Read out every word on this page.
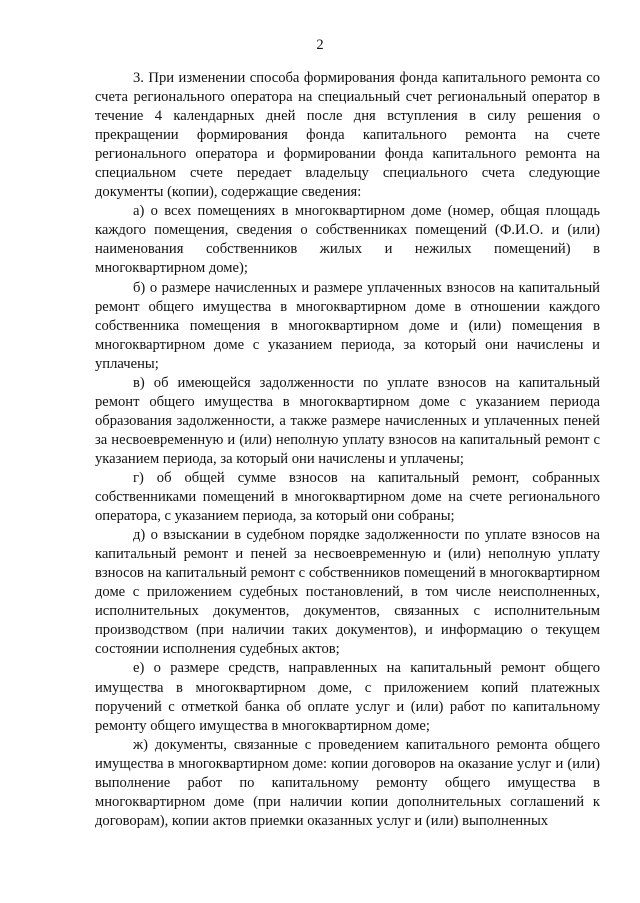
2

3. При изменении способа формирования фонда капитального ремонта со счета регионального оператора на специальный счет региональный оператор в течение 4 календарных дней после дня вступления в силу решения о прекращении формирования фонда капитального ремонта на счете регионального оператора и формировании фонда капитального ремонта на специальном счете передает владельцу специального счета следующие документы (копии), содержащие сведения:

а) о всех помещениях в многоквартирном доме (номер, общая площадь каждого помещения, сведения о собственниках помещений (Ф.И.О. и (или) наименования собственников жилых и нежилых помещений) в многоквартирном доме);

б) о размере начисленных и размере уплаченных взносов на капитальный ремонт общего имущества в многоквартирном доме в отношении каждого собственника помещения в многоквартирном доме и (или) помещения в многоквартирном доме с указанием периода, за который они начислены и уплачены;

в) об имеющейся задолженности по уплате взносов на капитальный ремонт общего имущества в многоквартирном доме с указанием периода образования задолженности, а также размере начисленных и уплаченных пеней за несвоевременную и (или) неполную уплату взносов на капитальный ремонт с указанием периода, за который они начислены и уплачены;

г) об общей сумме взносов на капитальный ремонт, собранных собственниками помещений в многоквартирном доме на счете регионального оператора, с указанием периода, за который они собраны;

д) о взыскании в судебном порядке задолженности по уплате взносов на капитальный ремонт и пеней за несвоевременную и (или) неполную уплату взносов на капитальный ремонт с собственников помещений в многоквартирном доме с приложением судебных постановлений, в том числе неисполненных, исполнительных документов, документов, связанных с исполнительным производством (при наличии таких документов), и информацию о текущем состоянии исполнения судебных актов;

е) о размере средств, направленных на капитальный ремонт общего имущества в многоквартирном доме, с приложением копий платежных поручений с отметкой банка об оплате услуг и (или) работ по капитальному ремонту общего имущества в многоквартирном доме;

ж) документы, связанные с проведением капитального ремонта общего имущества в многоквартирном доме: копии договоров на оказание услуг и (или) выполнение работ по капитальному ремонту общего имущества в многоквартирном доме (при наличии копии дополнительных соглашений к договорам), копии актов приемки оказанных услуг и (или) выполненных
